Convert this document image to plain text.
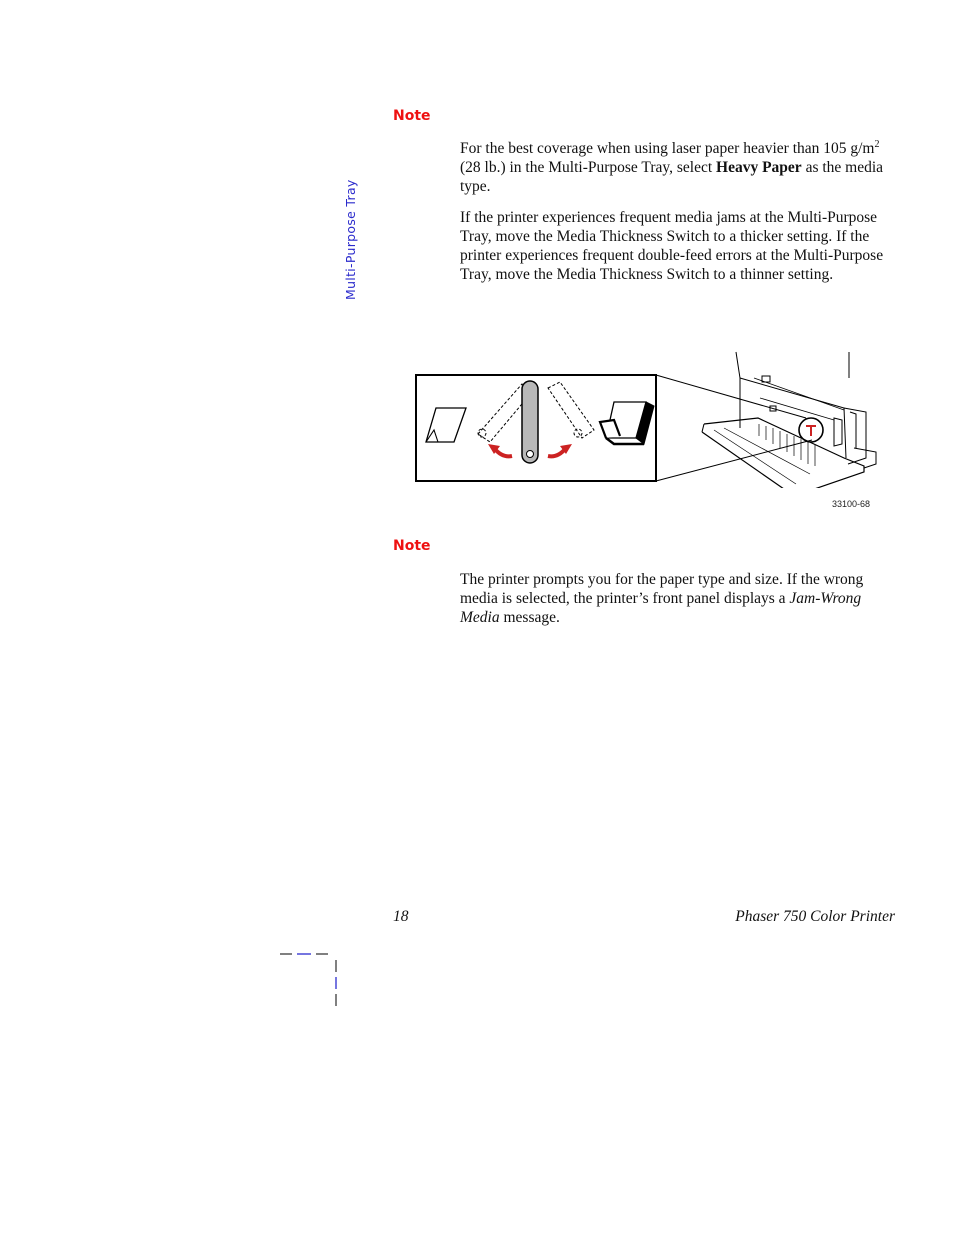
Multi-Purpose Tray
Note

For the best coverage when using laser paper heavier than 105 $g/m^2$ (28 lb.) in the Multi-Purpose Tray, select Heavy Paper as the media type.

If the printer experiences frequent media jams at the Multi-Purpose Tray, move the Media Thickness Switch to a thicker setting. If the printer experiences frequent double-feed errors at the Multi-Purpose Tray, move the Media Thickness Switch to a thinner setting.

33100-68
Note

The printer prompts you for the paper type and size. If the wrong media is selected, the printer’s front panel displays a Jam-Wrong Media message.

18	Phaser 750 Color Printer
